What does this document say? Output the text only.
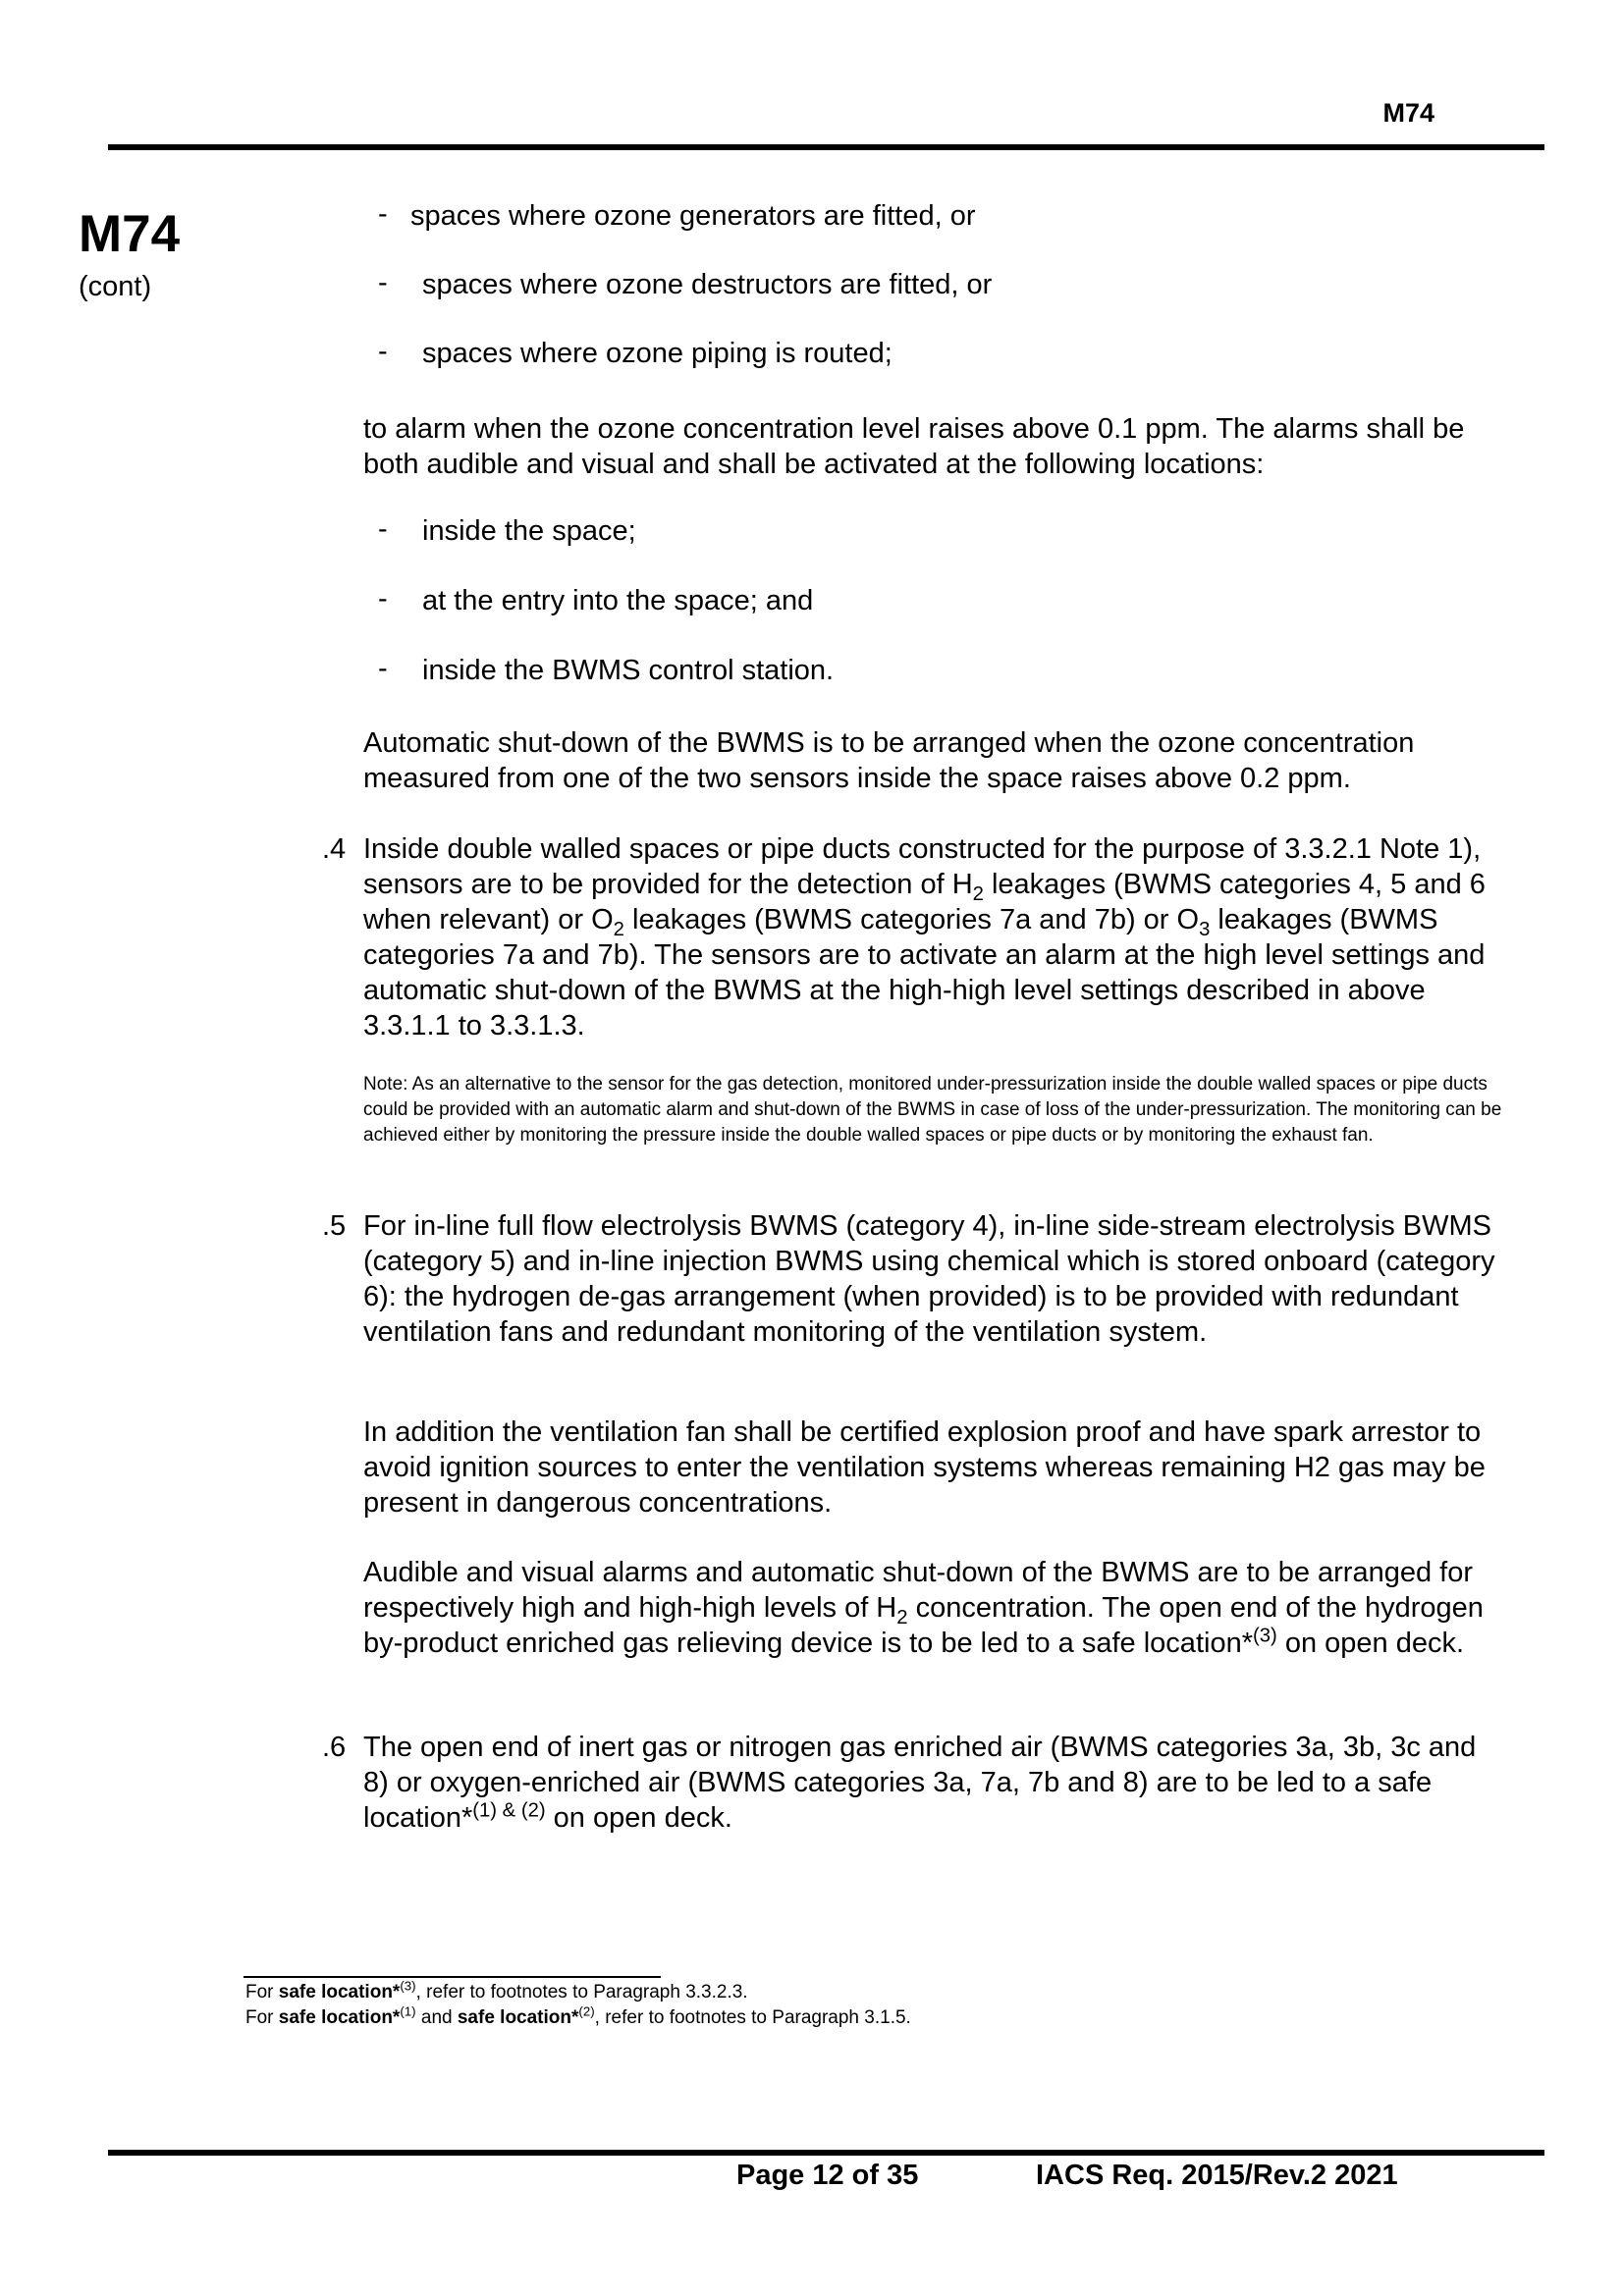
M74
M74
(cont)
- spaces where ozone generators are fitted, or
- spaces where ozone destructors are fitted, or
- spaces where ozone piping is routed;
to alarm when the ozone concentration level raises above 0.1 ppm. The alarms shall be both audible and visual and shall be activated at the following locations:
- inside the space;
- at the entry into the space; and
- inside the BWMS control station.
Automatic shut-down of the BWMS is to be arranged when the ozone concentration measured from one of the two sensors inside the space raises above 0.2 ppm.
.4 Inside double walled spaces or pipe ducts constructed for the purpose of 3.3.2.1 Note 1), sensors are to be provided for the detection of $H_2$ leakages (BWMS categories 4, 5 and 6 when relevant) or $O_2$ leakages (BWMS categories 7a and 7b) or $O_3$ leakages (BWMS categories 7a and 7b). The sensors are to activate an alarm at the high level settings and automatic shut-down of the BWMS at the high-high level settings described in above 3.3.1.1 to 3.3.1.3.
Note: As an alternative to the sensor for the gas detection, monitored under-pressurization inside the double walled spaces or pipe ducts could be provided with an automatic alarm and shut-down of the BWMS in case of loss of the under-pressurization. The monitoring can be achieved either by monitoring the pressure inside the double walled spaces or pipe ducts or by monitoring the exhaust fan.
.5 For in-line full flow electrolysis BWMS (category 4), in-line side-stream electrolysis BWMS (category 5) and in-line injection BWMS using chemical which is stored onboard (category 6): the hydrogen de-gas arrangement (when provided) is to be provided with redundant ventilation fans and redundant monitoring of the ventilation system.
In addition the ventilation fan shall be certified explosion proof and have spark arrestor to avoid ignition sources to enter the ventilation systems whereas remaining H2 gas may be present in dangerous concentrations.
Audible and visual alarms and automatic shut-down of the BWMS are to be arranged for respectively high and high-high levels of $H_2$ concentration. The open end of the hydrogen by-product enriched gas relieving device is to be led to a safe location*$^{(3)}$ on open deck.
.6 The open end of inert gas or nitrogen gas enriched air (BWMS categories 3a, 3b, 3c and 8) or oxygen-enriched air (BWMS categories 3a, 7a, 7b and 8) are to be led to a safe location*$^{(1) \& (2)}$ on open deck.
For safe location*$^{(3)}$, refer to footnotes to Paragraph 3.3.2.3.
For safe location*$^{(1)}$ and safe location*$^{(2)}$, refer to footnotes to Paragraph 3.1.5.
Page 12 of 35	IACS Req. 2015/Rev.2 2021
